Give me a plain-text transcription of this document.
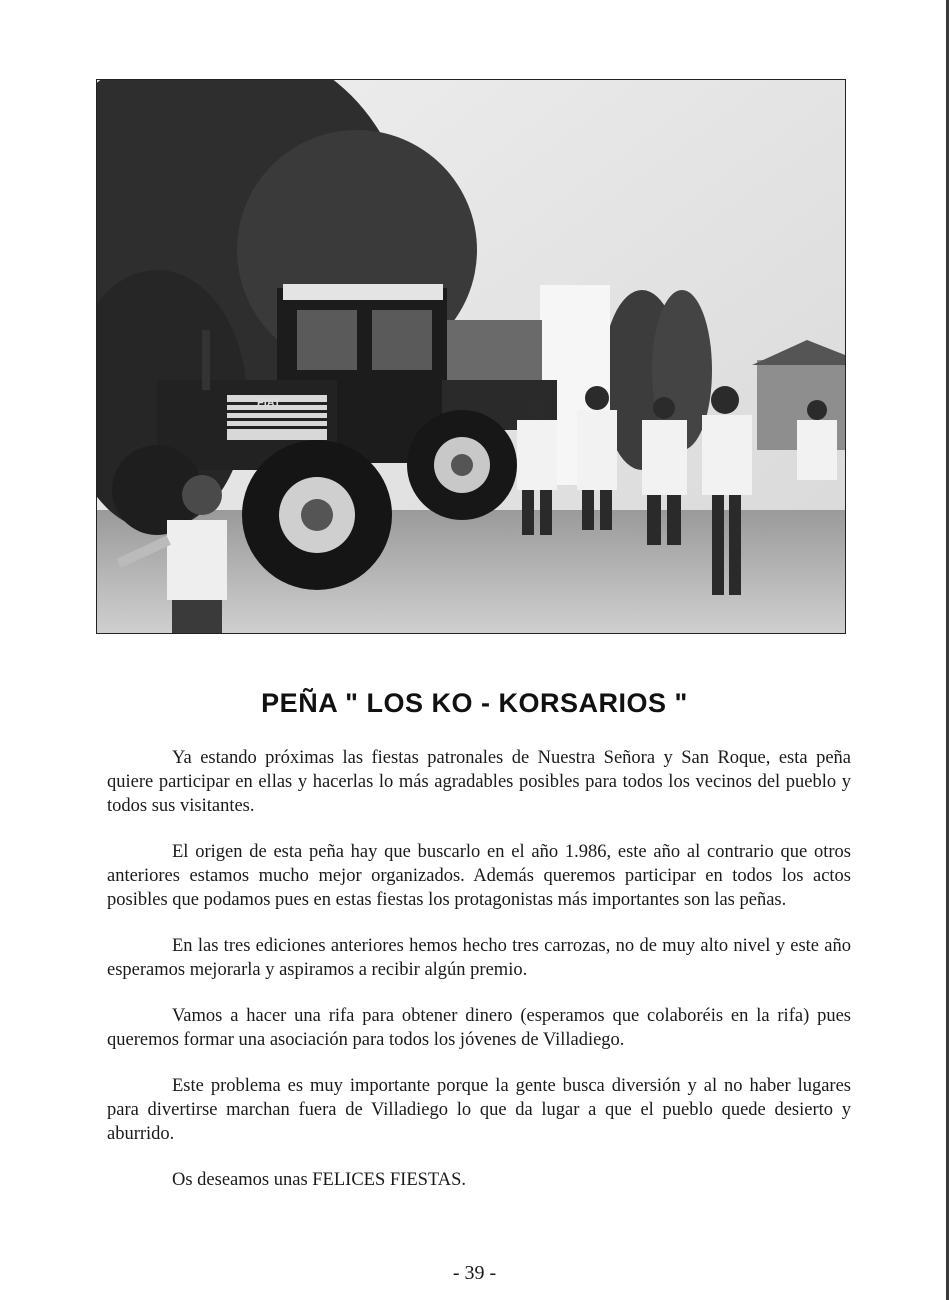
FIAT
PEÑA " LOS KO - KORSARIOS "

Ya estando próximas las fiestas patronales de Nuestra Señora y San Roque, esta peña quiere participar en ellas y hacerlas lo más agradables posibles para todos los vecinos del pueblo y todos sus visitantes.

El origen de esta peña hay que buscarlo en el año 1.986, este año al contrario que otros anteriores estamos mucho mejor organizados. Además queremos participar en todos los actos posibles que podamos pues en estas fiestas los protagonistas más importantes son las peñas.

En las tres ediciones anteriores hemos hecho tres carrozas, no de muy alto nivel y este año esperamos mejorarla y aspiramos a recibir algún premio.

Vamos a hacer una rifa para obtener dinero (esperamos que colaboréis en la rifa) pues queremos formar una asociación para todos los jóvenes de Villadiego.

Este problema es muy importante porque la gente busca diversión y al no haber lugares para divertirse marchan fuera de Villadiego lo que da lugar a que el pueblo quede desierto y aburrido.

Os deseamos unas FELICES FIESTAS.

- 39 -
